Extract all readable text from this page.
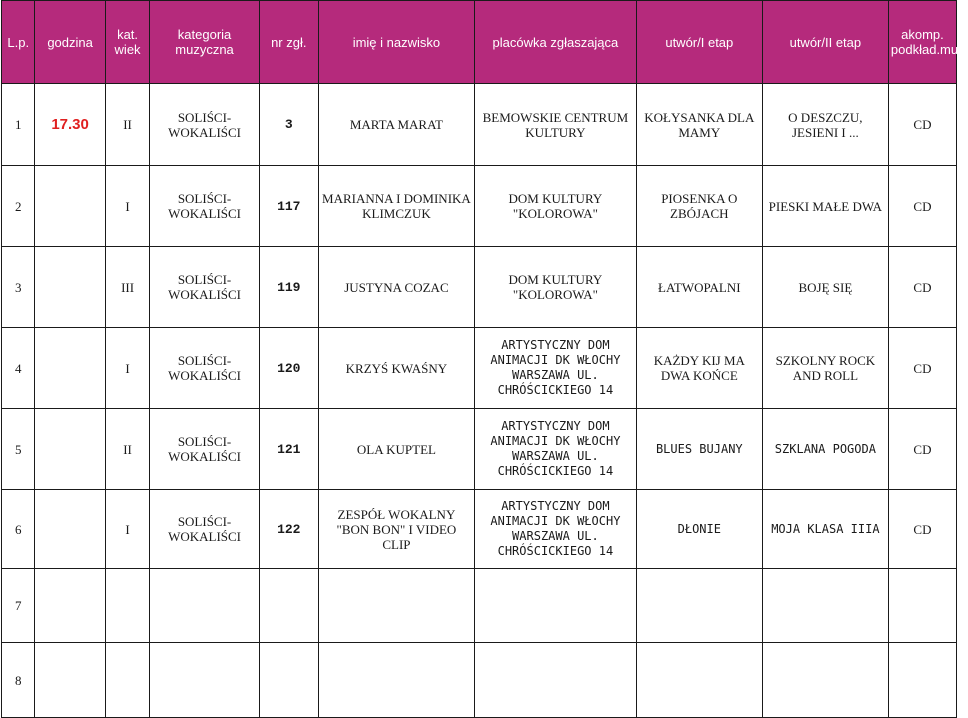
L.p.	godzina	kat. wiek	kategoria muzyczna	nr zgł.	imię i nazwisko	placówka zgłaszająca	utwór/I etap	utwór/II etap	akomp. podkład.muz.
1	17.30	II	SOLIŚCI-WOKALIŚCI	3	MARTA MARAT	BEMOWSKIE CENTRUM KULTURY	KOŁYSANKA DLA MAMY	O DESZCZU, JESIENI I ...	CD
2		I	SOLIŚCI-WOKALIŚCI	117	MARIANNA I DOMINIKA KLIMCZUK	DOM KULTURY "KOLOROWA"	PIOSENKA O ZBÓJACH	PIESKI MAŁE DWA	CD
3		III	SOLIŚCI-WOKALIŚCI	119	JUSTYNA COZAC	DOM KULTURY "KOLOROWA"	ŁATWOPALNI	BOJĘ SIĘ	CD
4		I	SOLIŚCI-WOKALIŚCI	120	KRZYŚ KWAŚNY	ARTYSTYCZNY DOM ANIMACJI DK WŁOCHY WARSZAWA UL. CHRÓŚCICKIEGO 14	KAŻDY KIJ MA DWA KOŃCE	SZKOLNY ROCK AND ROLL	CD
5		II	SOLIŚCI-WOKALIŚCI	121	OLA KUPTEL	ARTYSTYCZNY DOM ANIMACJI DK WŁOCHY WARSZAWA UL. CHRÓŚCICKIEGO 14	BLUES BUJANY	SZKLANA POGODA	CD
6		I	SOLIŚCI-WOKALIŚCI	122	ZESPÓŁ WOKALNY "BON BON" I VIDEO CLIP	ARTYSTYCZNY DOM ANIMACJI DK WŁOCHY WARSZAWA UL. CHRÓŚCICKIEGO 14	DŁONIE	MOJA KLASA IIIA	CD
7									
8									
